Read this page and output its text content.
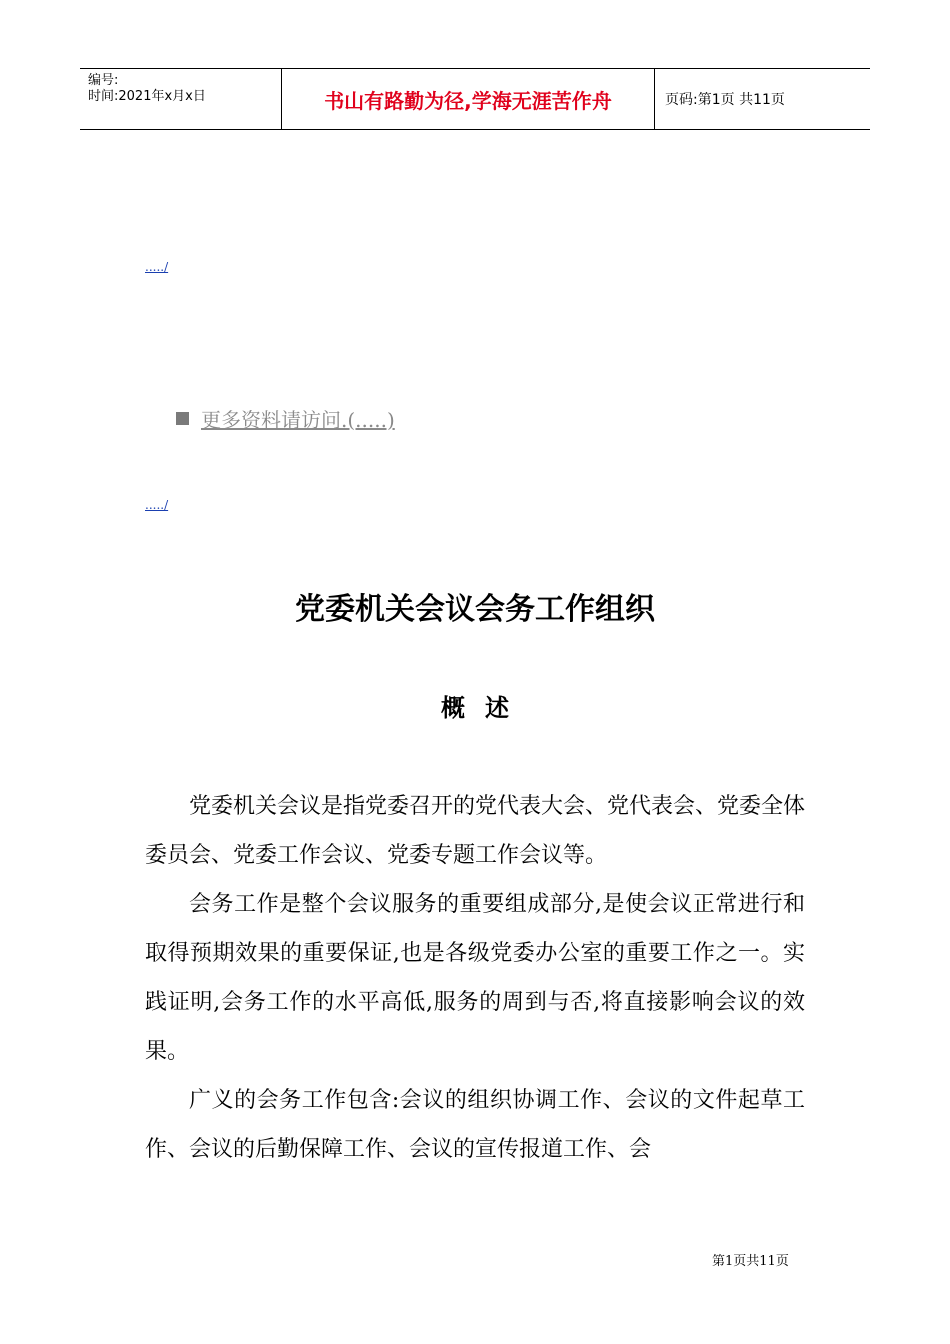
编号:
时间:2021年x月x日	书山有路勤为径,学海无涯苦作舟	页码:第1页 共11页
...../
更多资料请访问.(.....)
...../
党委机关会议会务工作组织
概述

党委机关会议是指党委召开的党代表大会、党代表会、党委全体委员会、党委工作会议、党委专题工作会议等。

会务工作是整个会议服务的重要组成部分,是使会议正常进行和取得预期效果的重要保证,也是各级党委办公室的重要工作之一。实践证明,会务工作的水平高低,服务的周到与否,将直接影响会议的效果。

广义的会务工作包含:会议的组织协调工作、会议的文件起草工作、会议的后勤保障工作、会议的宣传报道工作、会

第1页共11页
